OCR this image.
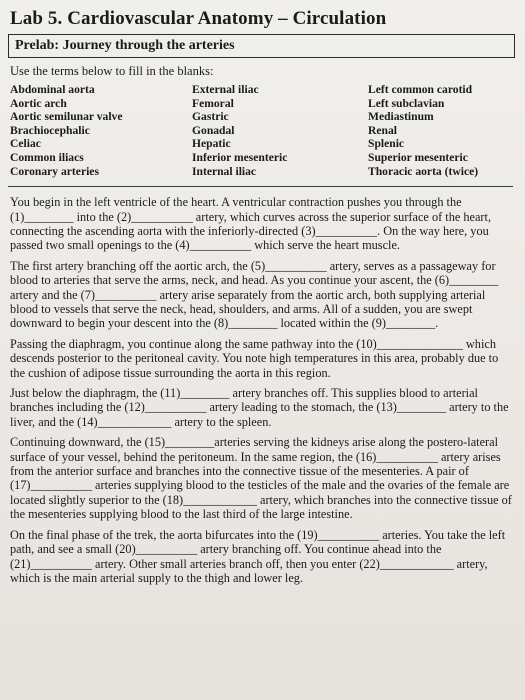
Lab 5. Cardiovascular Anatomy – Circulation
Prelab: Journey through the arteries
Use the terms below to fill in the blanks:
Abdominal aorta
Aortic arch
Aortic semilunar valve
Brachiocephalic
Celiac
Common iliacs
Coronary arteries
External iliac
Femoral
Gastric
Gonadal
Hepatic
Inferior mesenteric
Internal iliac
Left common carotid
Left subclavian
Mediastinum
Renal
Splenic
Superior mesenteric
Thoracic aorta (twice)

You begin in the left ventricle of the heart. A ventricular contraction pushes you through the (1)________ into the (2)__________ artery, which curves across the superior surface of the heart, connecting the ascending aorta with the inferiorly-directed (3)__________. On the way here, you passed two small openings to the (4)__________ which serve the heart muscle.

The first artery branching off the aortic arch, the (5)__________ artery, serves as a passageway for blood to arteries that serve the arms, neck, and head. As you continue your ascent, the (6)________ artery and the (7)__________ artery arise separately from the aortic arch, both supplying arterial blood to vessels that serve the neck, head, shoulders, and arms. All of a sudden, you are swept downward to begin your descent into the (8)________ located within the (9)________.

Passing the diaphragm, you continue along the same pathway into the (10)______________ which descends posterior to the peritoneal cavity. You note high temperatures in this area, probably due to the cushion of adipose tissue surrounding the aorta in this region.

Just below the diaphragm, the (11)________ artery branches off. This supplies blood to arterial branches including the (12)__________ artery leading to the stomach, the (13)________ artery to the liver, and the (14)____________ artery to the spleen.

Continuing downward, the (15)________arteries serving the kidneys arise along the postero-lateral surface of your vessel, behind the peritoneum. In the same region, the (16)__________ artery arises from the anterior surface and branches into the connective tissue of the mesenteries. A pair of (17)__________ arteries supplying blood to the testicles of the male and the ovaries of the female are located slightly superior to the (18)____________ artery, which branches into the connective tissue of the mesenteries supplying blood to the last third of the large intestine.

On the final phase of the trek, the aorta bifurcates into the (19)__________ arteries. You take the left path, and see a small (20)__________ artery branching off. You continue ahead into the (21)__________ artery. Other small arteries branch off, then you enter (22)____________ artery, which is the main arterial supply to the thigh and lower leg.
